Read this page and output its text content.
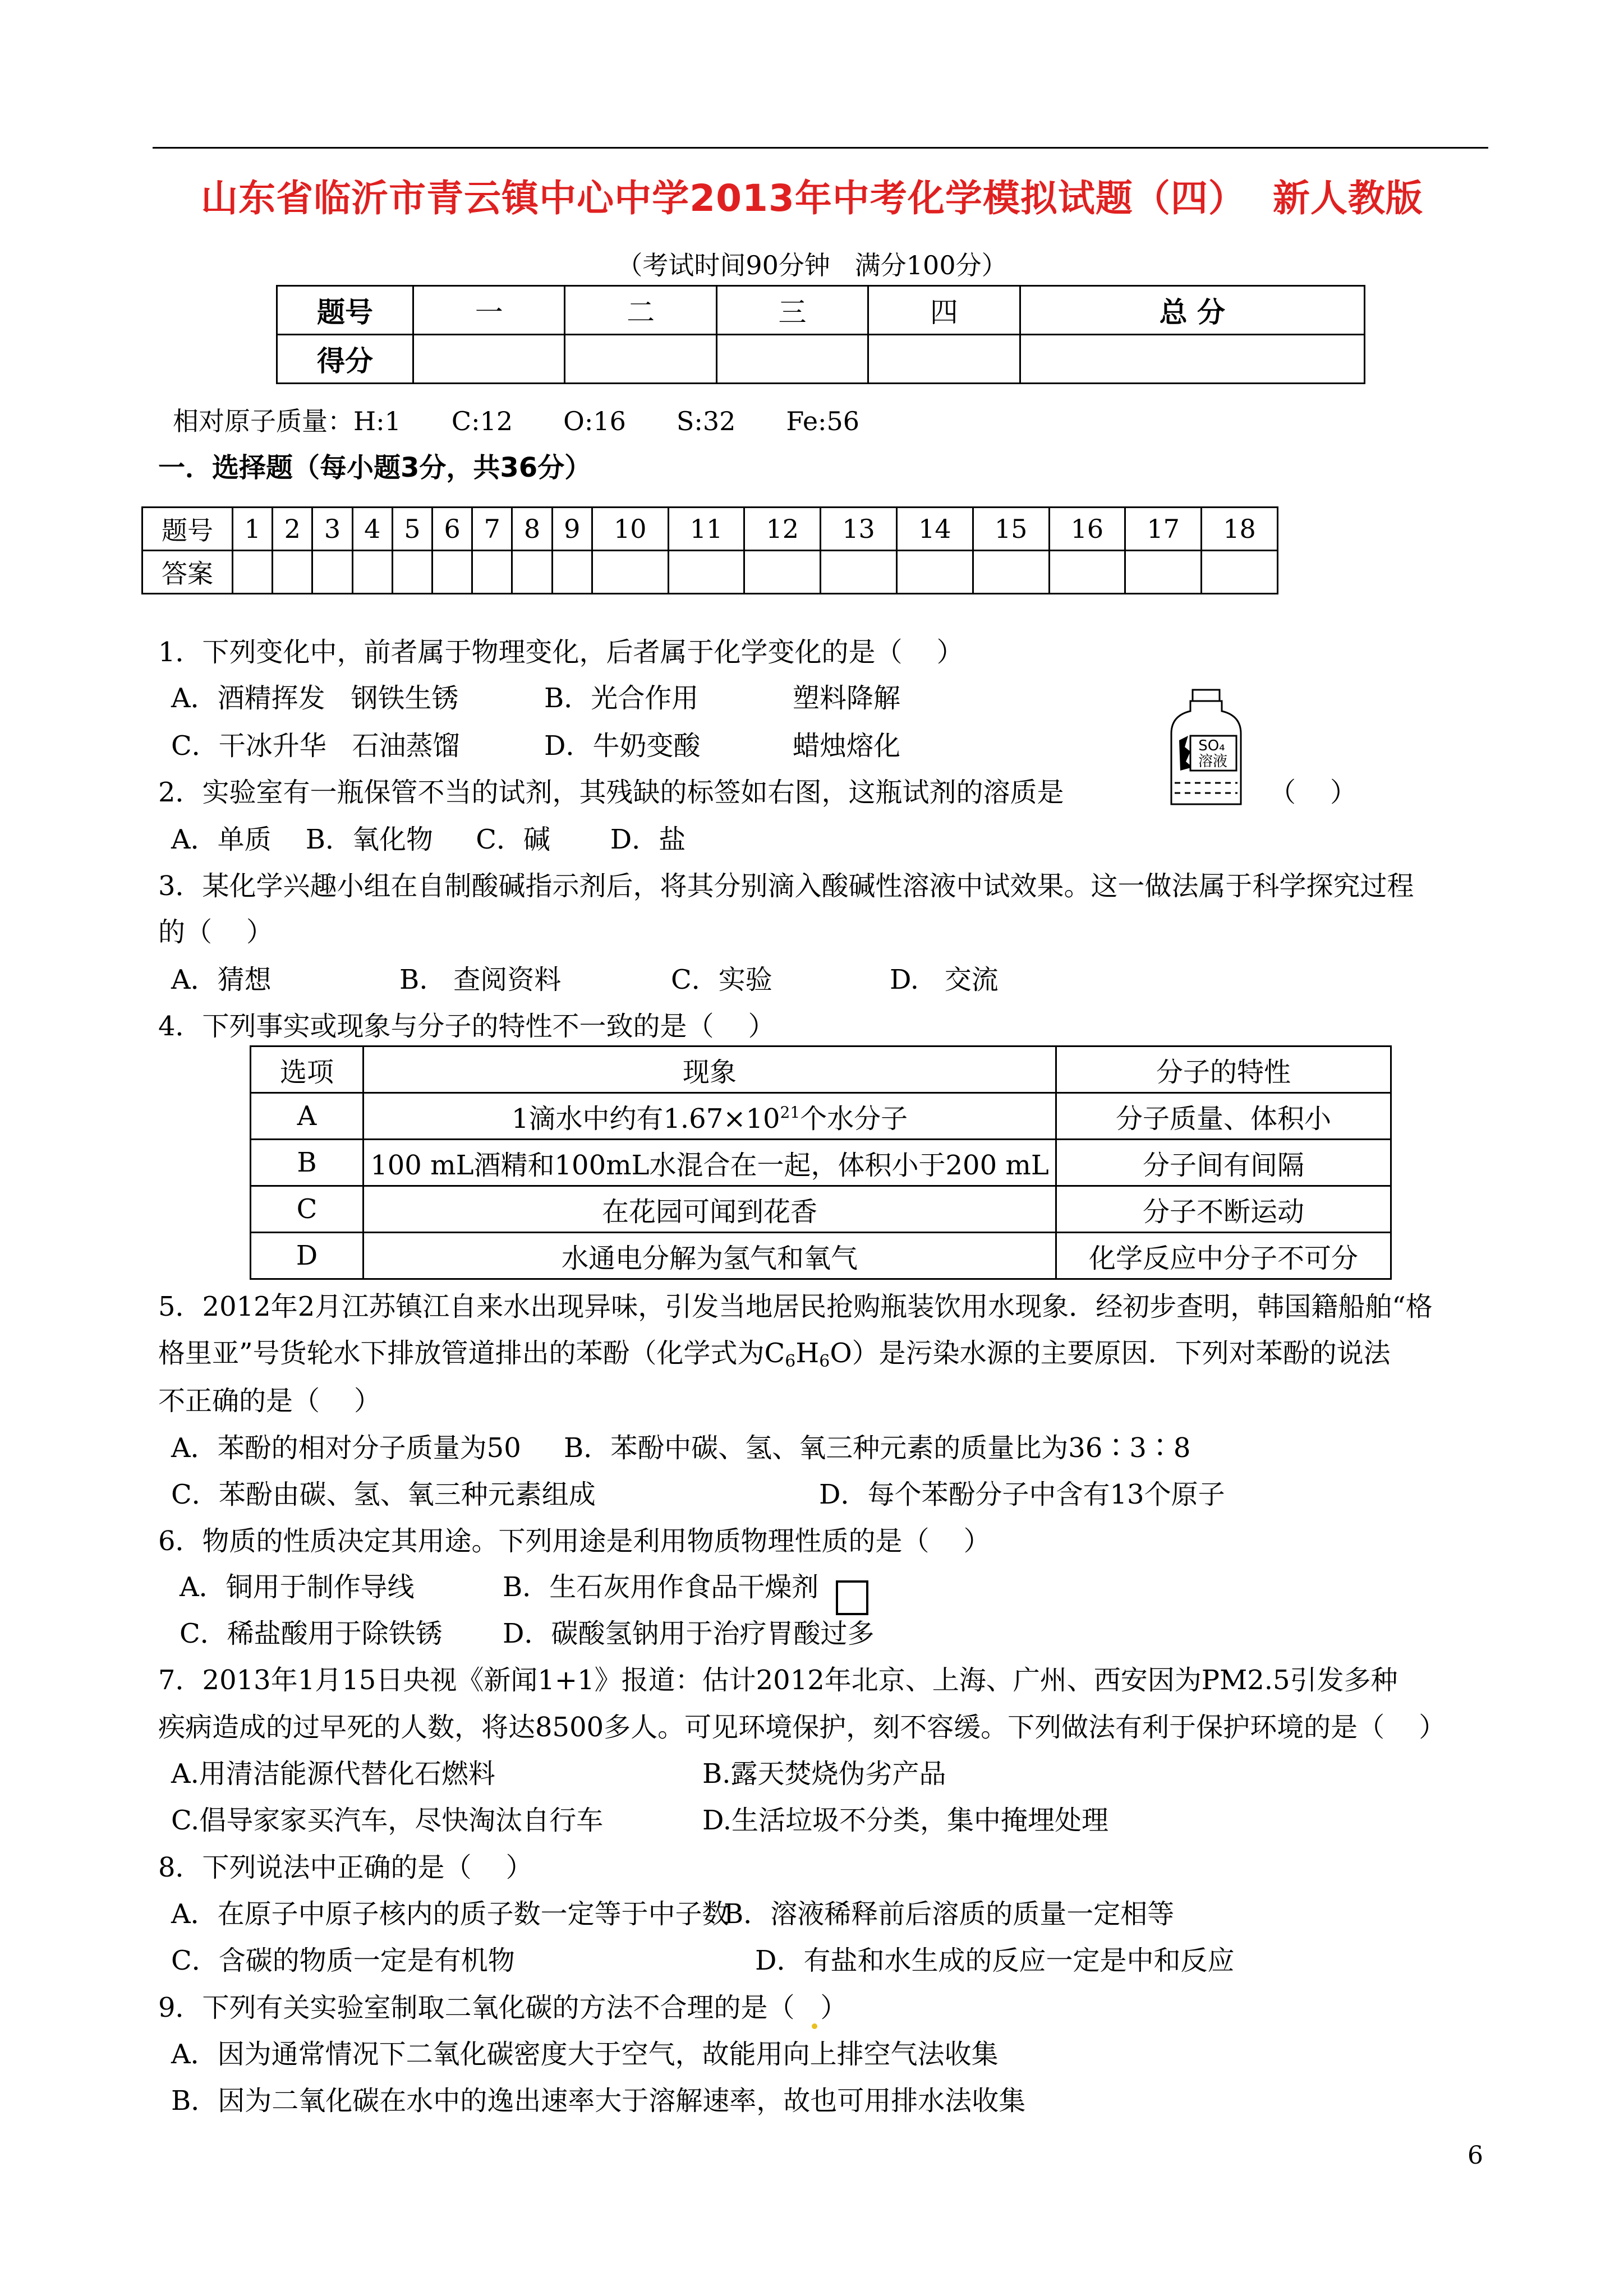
山东省临沂市青云镇中心中学2013年中考化学模拟试题（四）  新人教版
（考试时间90分钟   满分100分）
题号	一	二	三	四	总 分
得分					
相对原子质量：H:1 C:12 O:16 S:32 Fe:56
一．选择题（每小题3分，共36分）
题号	1	2	3	4	5	6	7	8	9	10	11	12	13	14	15	16	17	18
答案																		
1．下列变化中，前者属于物理变化，后者属于化学变化的是（    ）
A．酒精挥发   钢铁生锈	B．光合作用	塑料降解
C．干冰升华   石油蒸馏	D．牛奶变酸	蜡烛熔化	SO₄
溶液
2．实验室有一瓶保管不当的试剂，其残缺的标签如右图，这瓶试剂的溶质是	（    ）
A．单质    B．氧化物     C．碱       D．盐
3．某化学兴趣小组在自制酸碱指示剂后，将其分别滴入酸碱性溶液中试效果。这一做法属于科学探究过程
的（    ）
A．猜想	B.   查阅资料	C．实验	D.   交流
4．下列事实或现象与分子的特性不一致的是（    ）
选项	现象	分子的特性
A	1滴水中约有$1.67\times 10^{21}$个水分子	分子质量、体积小
B	100 mL酒精和100mL水混合在一起，体积小于200 mL	分子间有间隔
C	在花园可闻到花香	分子不断运动
D	水通电分解为氢气和氧气	化学反应中分子不可分
5．2012年2月江苏镇江自来水出现异味，引发当地居民抢购瓶装饮用水现象．经初步查明，韩国籍船舶“格
格里亚”号货轮水下排放管道排出的苯酚（化学式为$C_6H_6O$）是污染水源的主要原因．下列对苯酚的说法
不正确的是（    ）
A．苯酚的相对分子质量为50     B．苯酚中碳、氢、氧三种元素的质量比为36∶3∶8
C．苯酚由碳、氢、氧三种元素组成	D．每个苯酚分子中含有13个原子
6．物质的性质决定其用途。下列用途是利用物质物理性质的是（    ）
A．铜用于制作导线	B．生石灰用作食品干燥剂
C．稀盐酸用于除铁锈 D．碳酸氢钠用于治疗胃酸过多
7．2013年1月15日央视《新闻1+1》报道：估计2012年北京、上海、广州、西安因为PM2.5引发多种
疾病造成的过早死的人数，将达8500多人。可见环境保护，刻不容缓。下列做法有利于保护环境的是（    ）
A.用清洁能源代替化石燃料	B.露天焚烧伪劣产品
C.倡导家家买汽车，尽快淘汰自行车	D.生活垃圾不分类，集中掩埋处理
8．下列说法中正确的是（    ）
A．在原子中原子核内的质子数一定等于中子数
B．溶液稀释前后溶质的质量一定相等
C．含碳的物质一定是有机物	D．有盐和水生成的反应一定是中和反应
9．下列有关实验室制取二氧化碳的方法不合理的是（   ）
A．因为通常情况下二氧化碳密度大于空气，故能用向上排空气法收集
B．因为二氧化碳在水中的逸出速率大于溶解速率，故也可用排水法收集
6
